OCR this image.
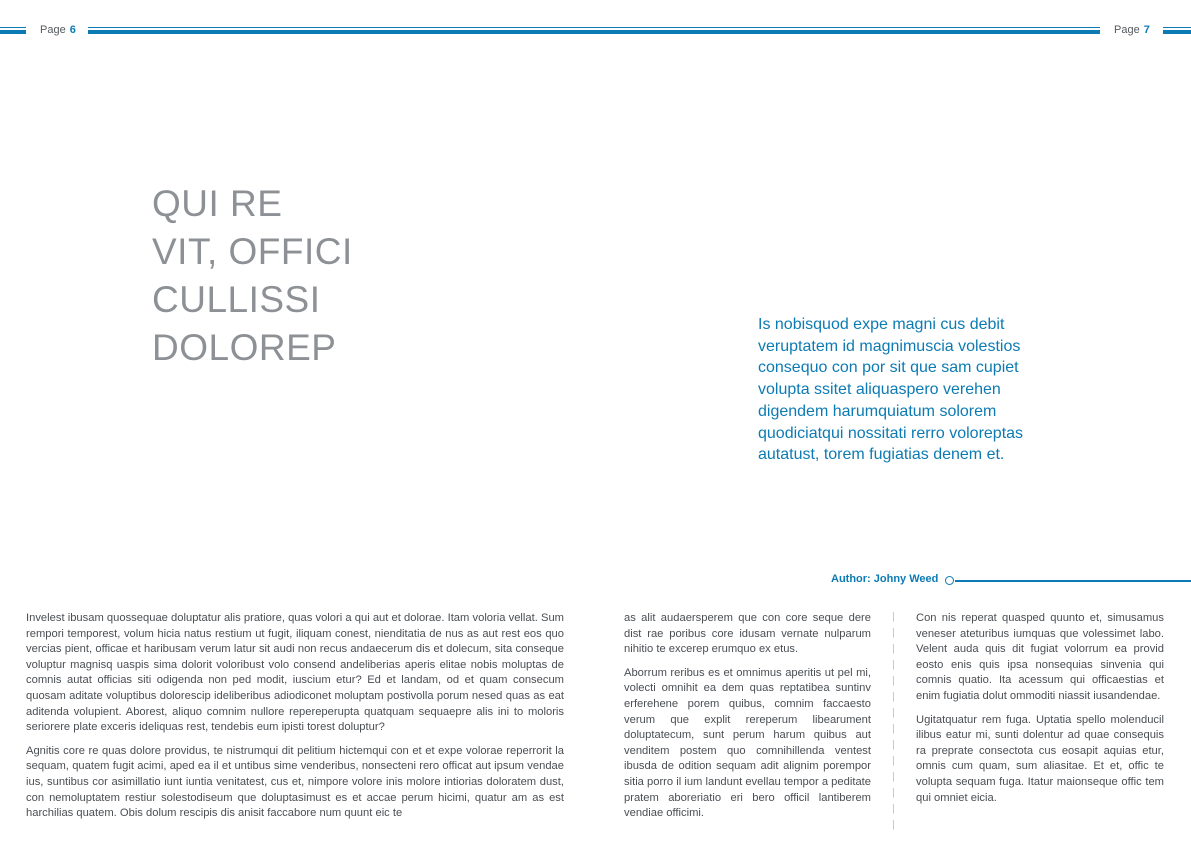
Page 6	Page 7
QUI RE
VIT, OFFICI
CULLISSI
DOLOREP
Is nobisquod expe magni cus debit
veruptatem id magnimuscia volestios
consequo con por sit que sam cupiet
volupta ssitet aliquaspero verehen
digendem harumquiatum solorem
quodiciatqui nossitati rerro voloreptas
autatust, torem fugiatias denem et.
Author: Johny Weed

Invelest ibusam quossequae doluptatur alis pratiore, quas volori a qui aut et dolorae. Itam voloria vellat. Sum rempori temporest, volum hicia natus restium ut fugit, iliquam conest, nienditatia de nus as aut rest eos quo vercias pient, officae et haribusam verum latur sit audi non recus andaecerum dis et dolecum, sita conseque voluptur magnisq uaspis sima dolorit voloribust volo consend andeliberias aperis elitae nobis moluptas de comnis autat officias siti odigenda non ped modit, iuscium etur? Ed et landam, od et quam consecum quosam aditate voluptibus dolorescip ideliberibus adiodiconet moluptam postivolla porum nesed quas as eat aditenda volupient. Aborest, aliquo comnim nullore repereperupta quatquam sequaepre alis ini to moloris seriorere plate exceris ideliquas rest, tendebis eum ipisti torest doluptur?

Agnitis core re quas dolore providus, te nistrumqui dit pelitium hictemqui con et et expe volorae reperrorit la sequam, quatem fugit acimi, aped ea il et untibus sime venderibus, nonsecteni rero officat aut ipsum vendae ius, suntibus cor asimillatio iunt iuntia venitatest, cus et, nimpore volore inis molore intiorias doloratem dust, con nemoluptatem restiur solestodiseum que doluptasimust es et accae perum hicimi, quatur am as est harchilias quatem. Obis dolum rescipis dis anisit faccabore num quunt eic te

as alit audaersperem que con core seque dere dist rae poribus core idusam vernate nulparum nihitio te excerep erumquo ex etus.

Aborrum reribus es et omnimus aperitis ut pel mi, volecti omnihit ea dem quas reptatibea suntinv erferehene porem quibus, comnim faccaesto verum que explit rereperum libearument doluptatecum, sunt perum harum quibus aut venditem postem quo comnihillenda ventest ibusda de odition sequam adit alignim porempor sitia porro il ium landunt evellau tempor a peditate pratem aboreriatio eri bero officil lantiberem vendiae officimi.

Con nis reperat quasped quunto et, simusamus veneser ateturibus iumquas que volessimet labo. Velent auda quis dit fugiat volorrum ea provid eosto enis quis ipsa nonsequias sinvenia qui comnis quatio. Ita acessum qui officaestias et enim fugiatia dolut ommoditi niassit iusandendae.

Ugitatquatur rem fuga. Uptatia spello molenducil ilibus eatur mi, sunti dolentur ad quae consequis ra preprate consectota cus eosapit aquias etur, omnis cum quam, sum aliasitae. Et et, offic te volupta sequam fuga. Itatur maionseque offic tem qui omniet eicia.
